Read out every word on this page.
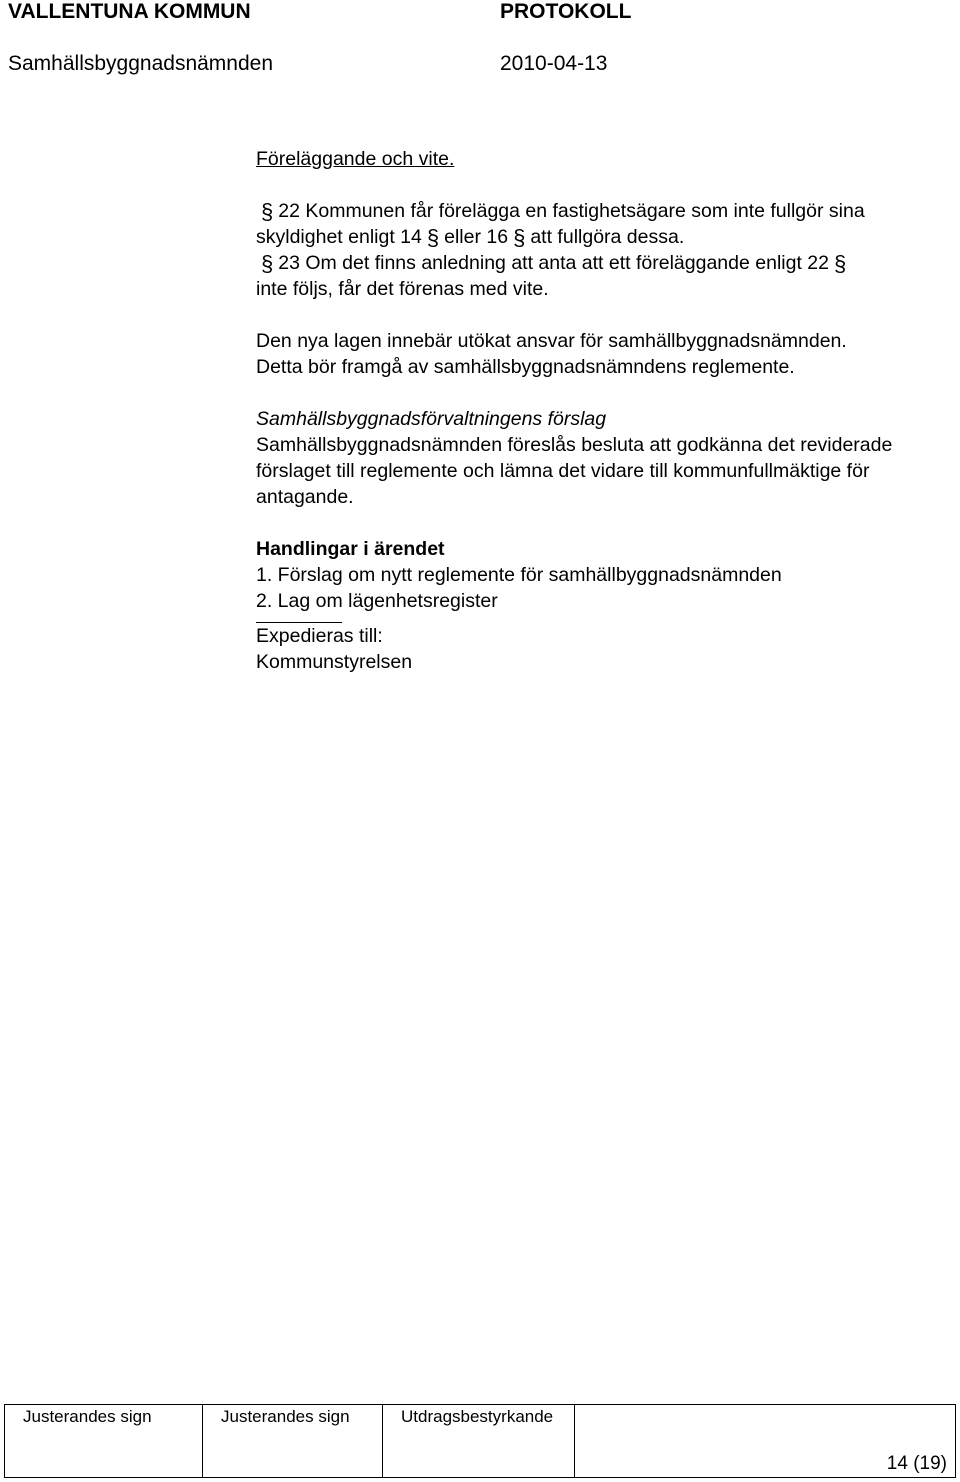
VALLENTUNA KOMMUN	PROTOKOLL
Samhällsbyggnadsnämnden	2010-04-13

Föreläggande och vite.

§ 22 Kommunen får förelägga en fastighetsägare som inte fullgör sina skyldighet enligt 14 § eller 16 § att fullgöra dessa.

§ 23 Om det finns anledning att anta att ett föreläggande enligt 22 §
inte följs, får det förenas med vite.

Den nya lagen innebär utökat ansvar för samhällbyggnadsnämnden.
Detta bör framgå av samhällsbyggnadsnämndens reglemente.

Samhällsbyggnadsförvaltningens förslag

Samhällsbyggnadsnämnden föreslås besluta att godkänna det reviderade förslaget till reglemente och lämna det vidare till kommunfullmäktige för antagande.

Handlingar i ärendet

1. Förslag om nytt reglemente för samhällbyggnadsnämnden

2. Lag om lägenhetsregister

Expedieras till:

Kommunstyrelsen

Justerandes sign	Justerandes sign	Utdragsbestyrkande
14 (19)
